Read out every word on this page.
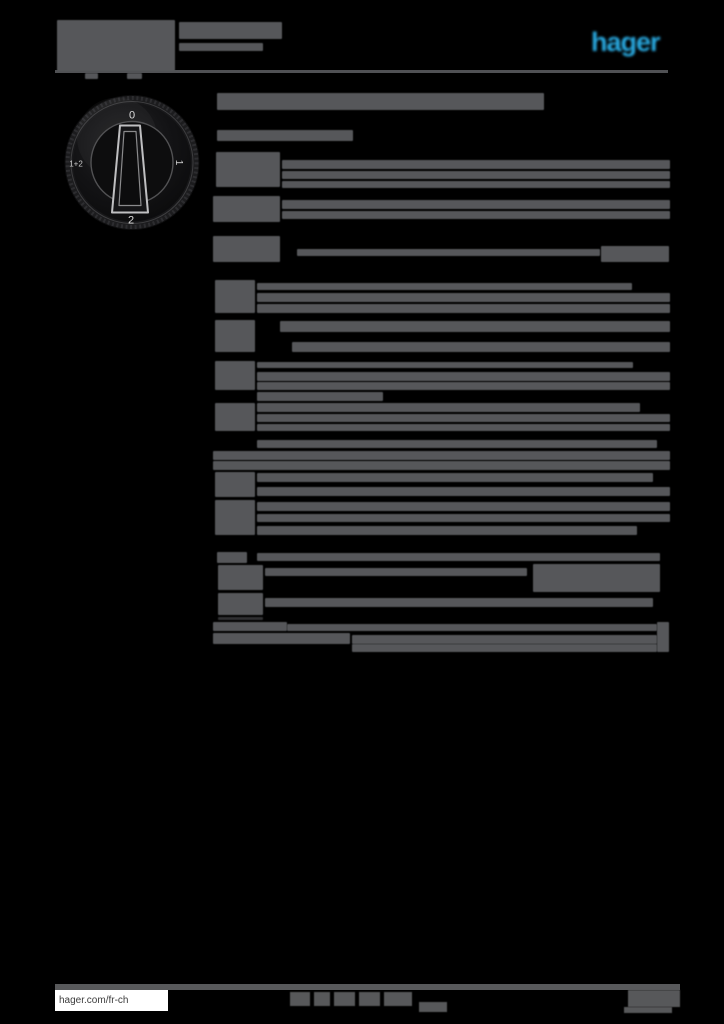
hager
0
1+2
2
1
hager.com/fr-ch
